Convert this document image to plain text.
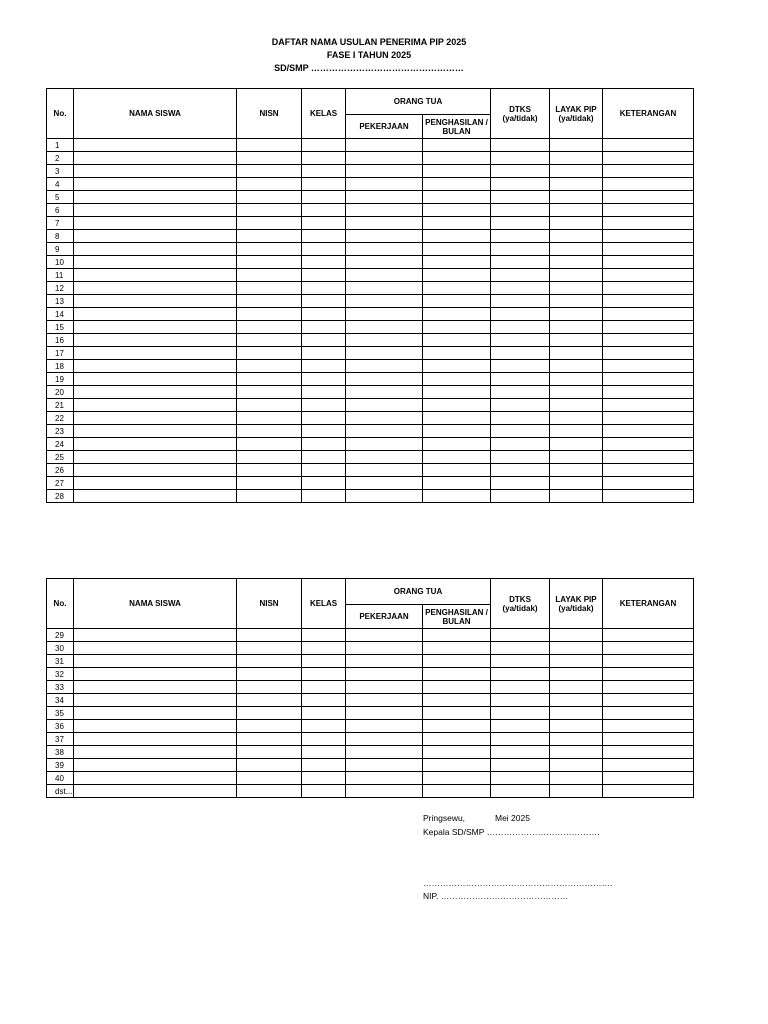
DAFTAR NAMA USULAN PENERIMA PIP 2025
FASE I TAHUN 2025
SD/SMP ……………………………………………
No.	NAMA SISWA	NISN	KELAS	ORANG TUA		DTKS (ya/tidak)	LAYAK PIP (ya/tidak)	KETERANGAN
				PEKERJAAN	PENGHASILAN / BULAN			
1								
2								
3								
4								
5								
6								
7								
8								
9								
10								
11								
12								
13								
14								
15								
16								
17								
18								
19								
20								
21								
22								
23								
24								
25								
26								
27								
28								
No.	NAMA SISWA	NISN	KELAS	ORANG TUA		DTKS (ya/tidak)	LAYAK PIP (ya/tidak)	KETERANGAN
				PEKERJAAN	PENGHASILAN / BULAN			
29								
30								
31								
32								
33								
34								
35								
36								
37								
38								
39								
40								
dst...								
Pringsewu,	Mei 2025
Kepala SD/SMP ………………………………….
………………………………………………………….
NIP. ………………………………………
